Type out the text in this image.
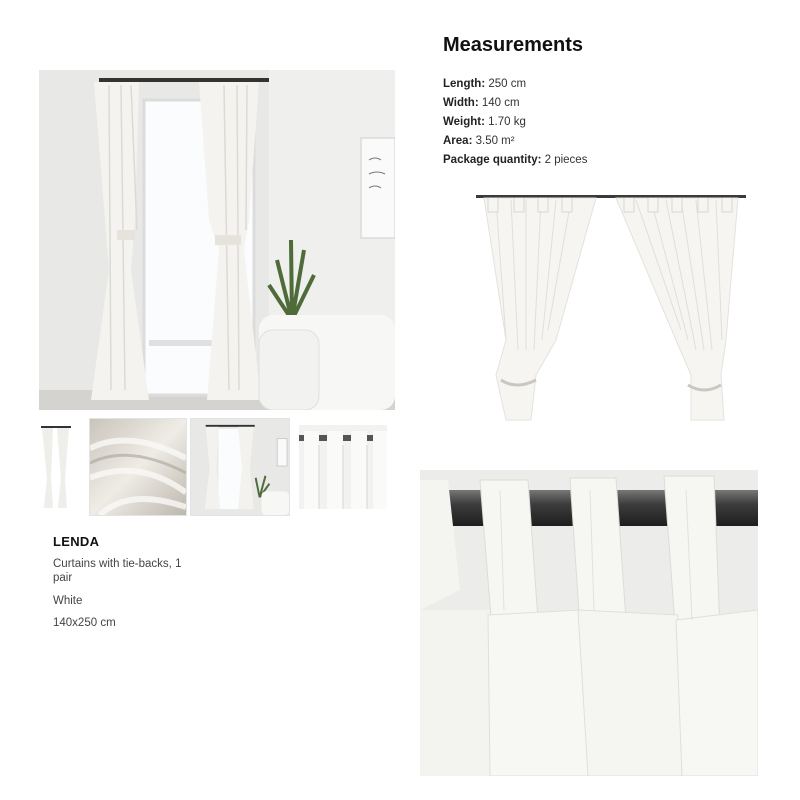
Measurements
Length: 250 cm
Width: 140 cm
Weight: 1.70 kg
Area: 3.50 m²
Package quantity: 2 pieces
LENDA
Curtains with tie-backs, 1 pair
White
140x250 cm
